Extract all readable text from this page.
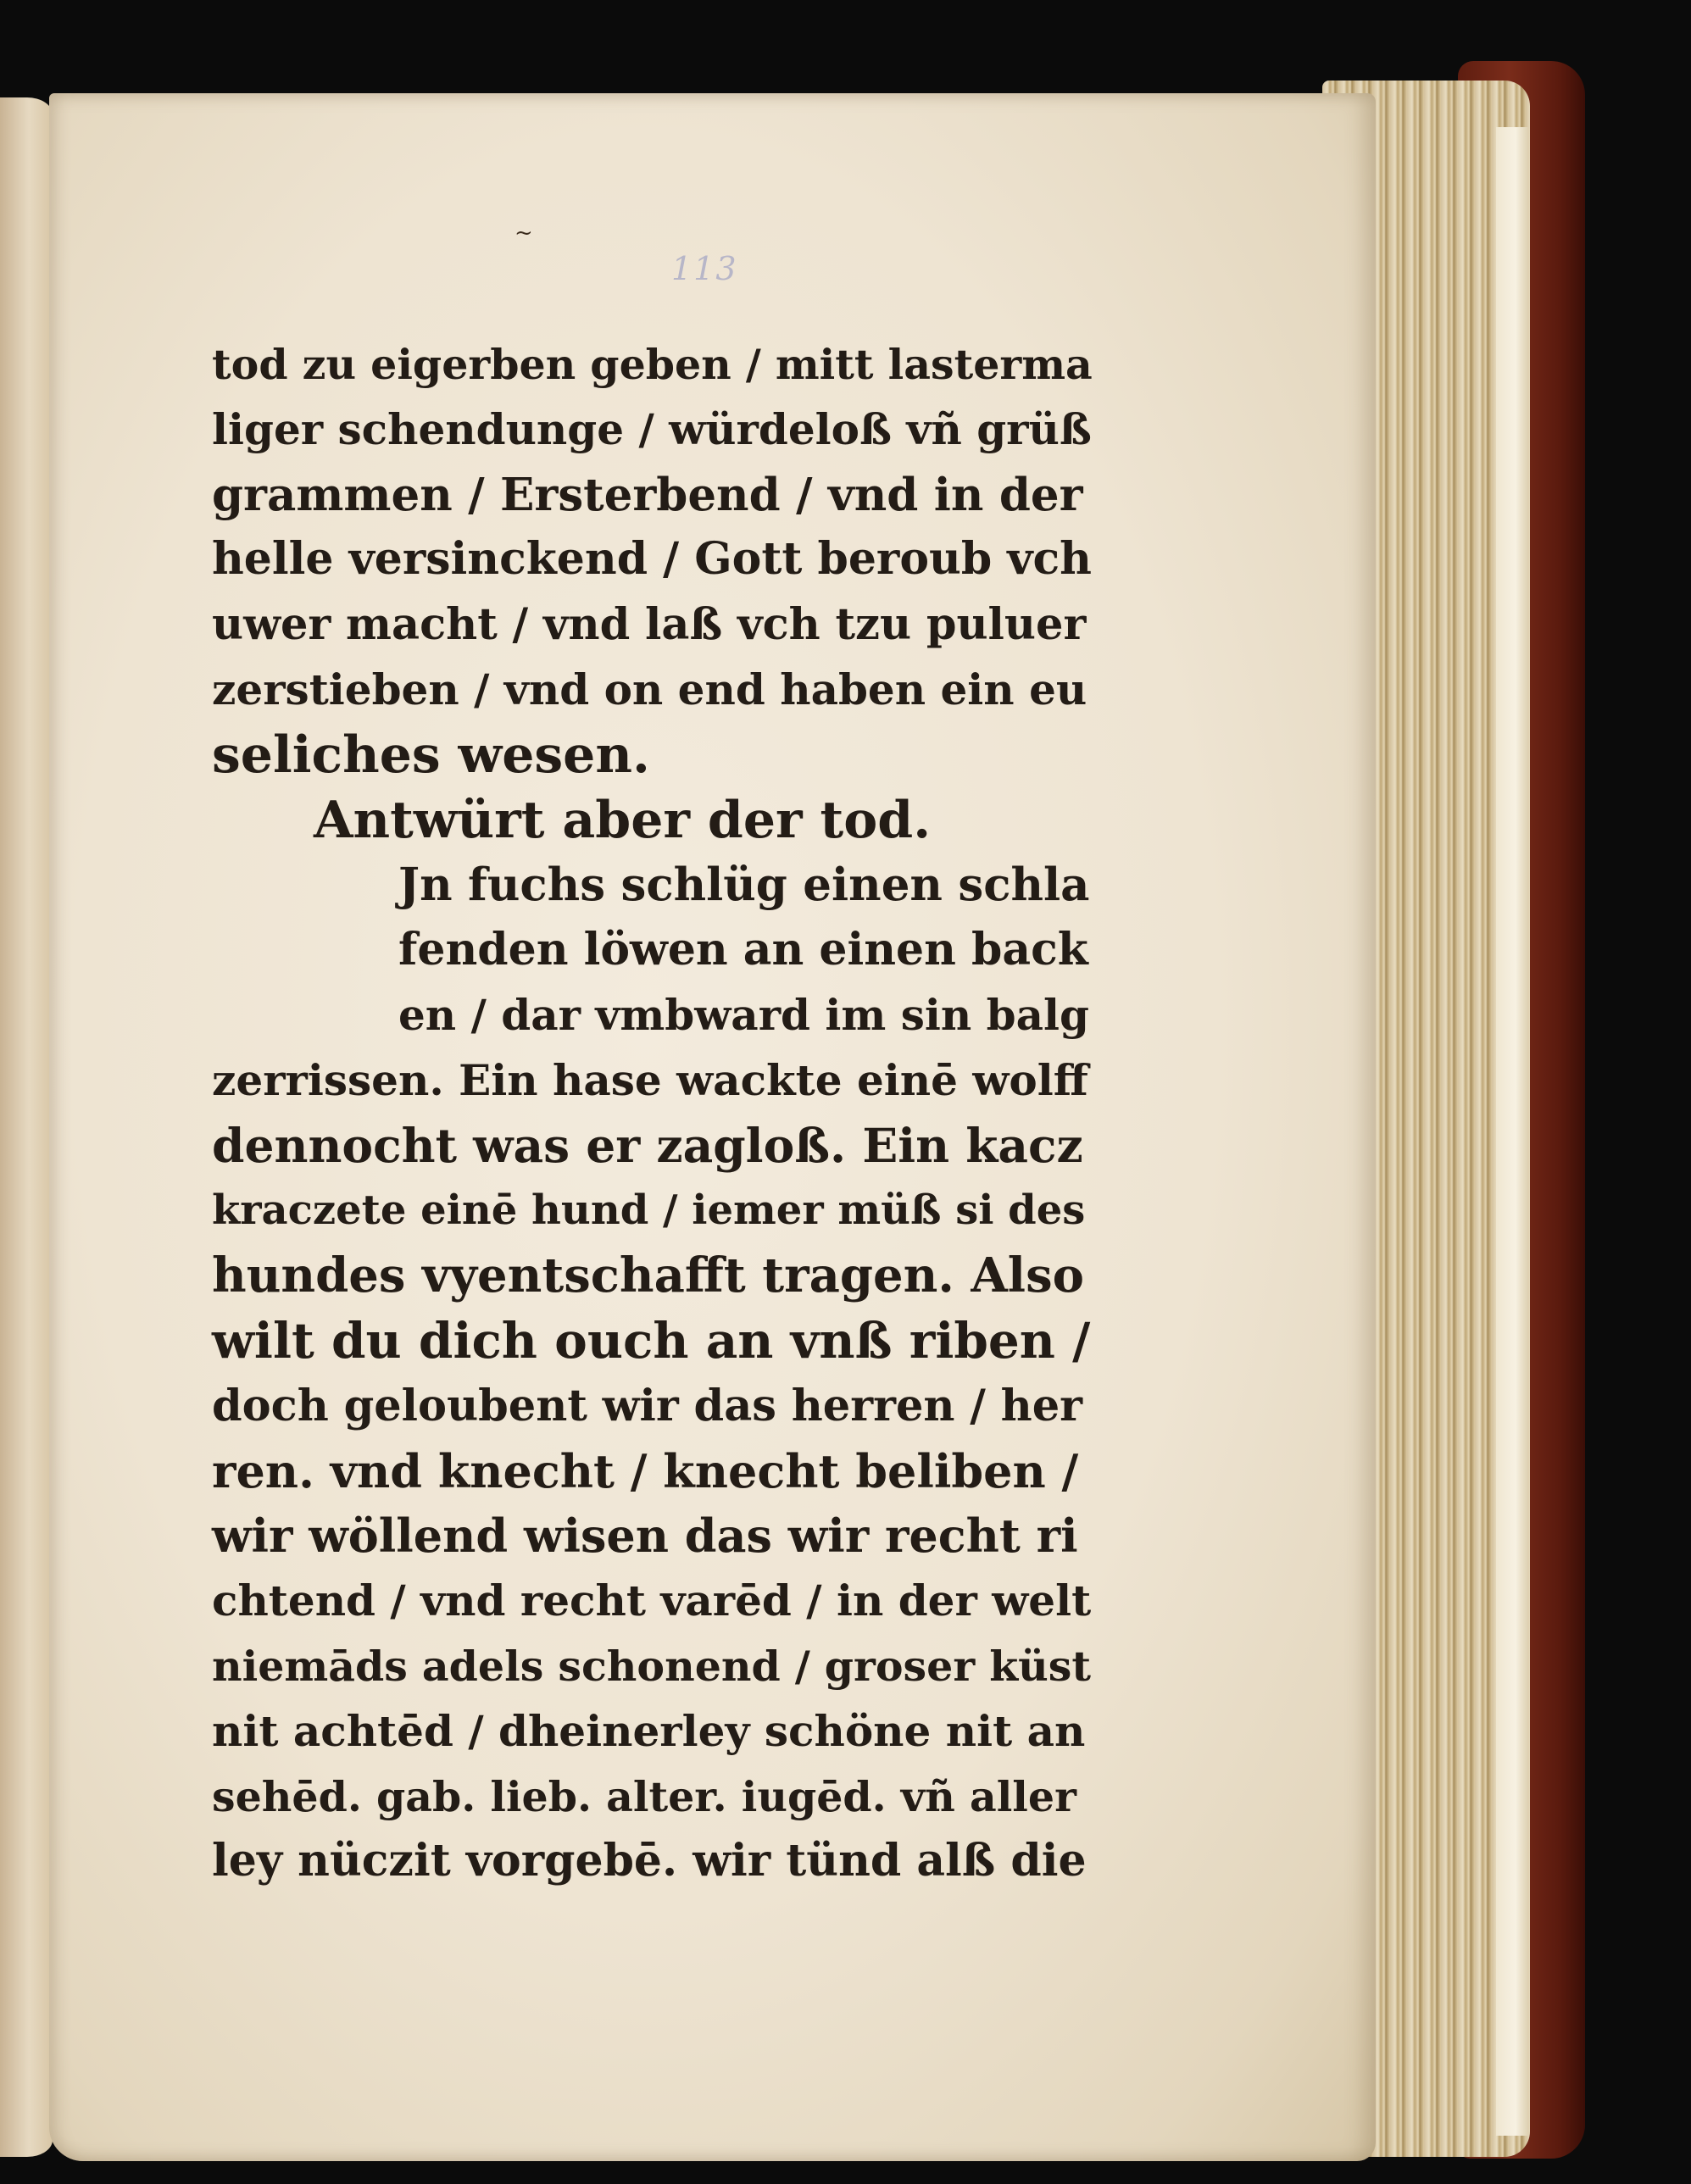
~
113
tod zu eigerben geben / mitt lasterma
liger schendunge / würdeloß vñ grüß
grammen / Ersterbend / vnd in der
helle versinckend / Gott beroub vch
uwer macht / vnd laß vch tzu puluer
zerstieben / vnd on end haben ein eu
seliches wesen.
Antwürt aber der tod.
Jn fuchs schlüg einen schla
fenden löwen an einen back
en / dar vmbward im sin balg
zerrissen. Ein hase wackte einē wolff
dennocht was er zagloß. Ein kacz
kraczete einē hund / iemer müß si des
hundes vyentschafft tragen. Also
wilt du dich ouch an vnß riben /
doch geloubent wir das herren / her
ren. vnd knecht / knecht beliben /
wir wöllend wisen das wir recht ri
chtend / vnd recht varēd / in der welt
niemāds adels schonend / groser küst
nit achtēd / dheinerley schöne nit an
sehēd. gab. lieb. alter. iugēd. vñ aller
ley nüczit vorgebē. wir tünd alß die
